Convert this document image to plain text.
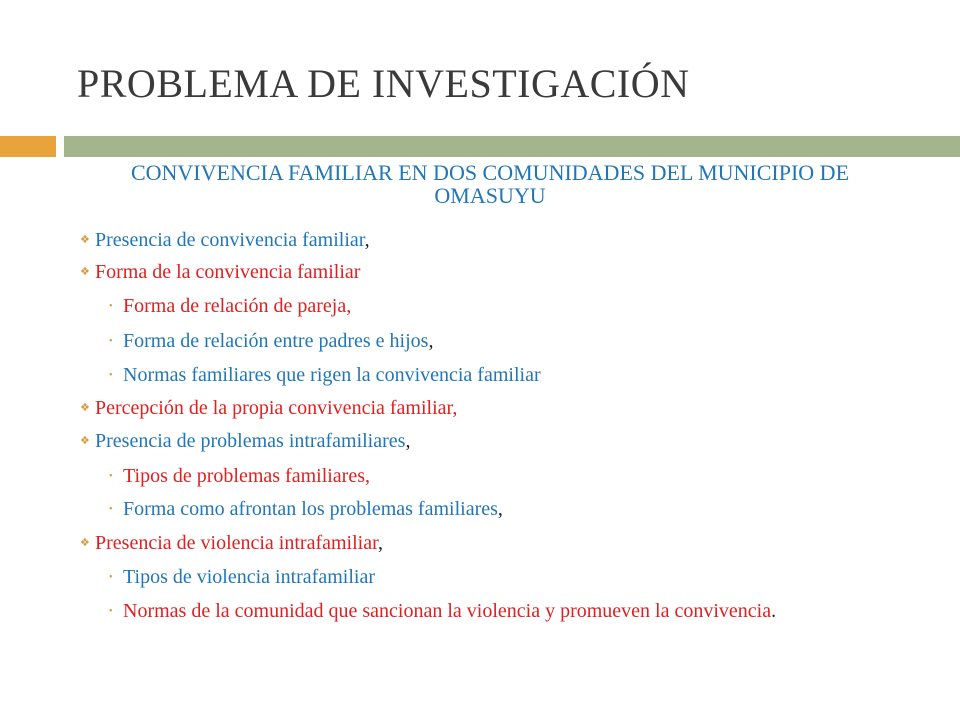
PROBLEMA DE INVESTIGACIÓN
CONVIVENCIA FAMILIAR EN DOS COMUNIDADES DEL MUNICIPIO DE OMASUYU
❖ Presencia de convivencia familiar,
❖ Forma de la convivencia familiar
• Forma de relación de pareja,
• Forma de relación entre padres e hijos,
• Normas familiares que rigen la convivencia familiar
❖ Percepción de la propia convivencia familiar,
❖ Presencia de problemas intrafamiliares,
• Tipos de problemas familiares,
• Forma como afrontan los problemas familiares,
❖ Presencia de violencia intrafamiliar,
• Tipos de violencia intrafamiliar
• Normas de la comunidad que sancionan la violencia y promueven la convivencia.
